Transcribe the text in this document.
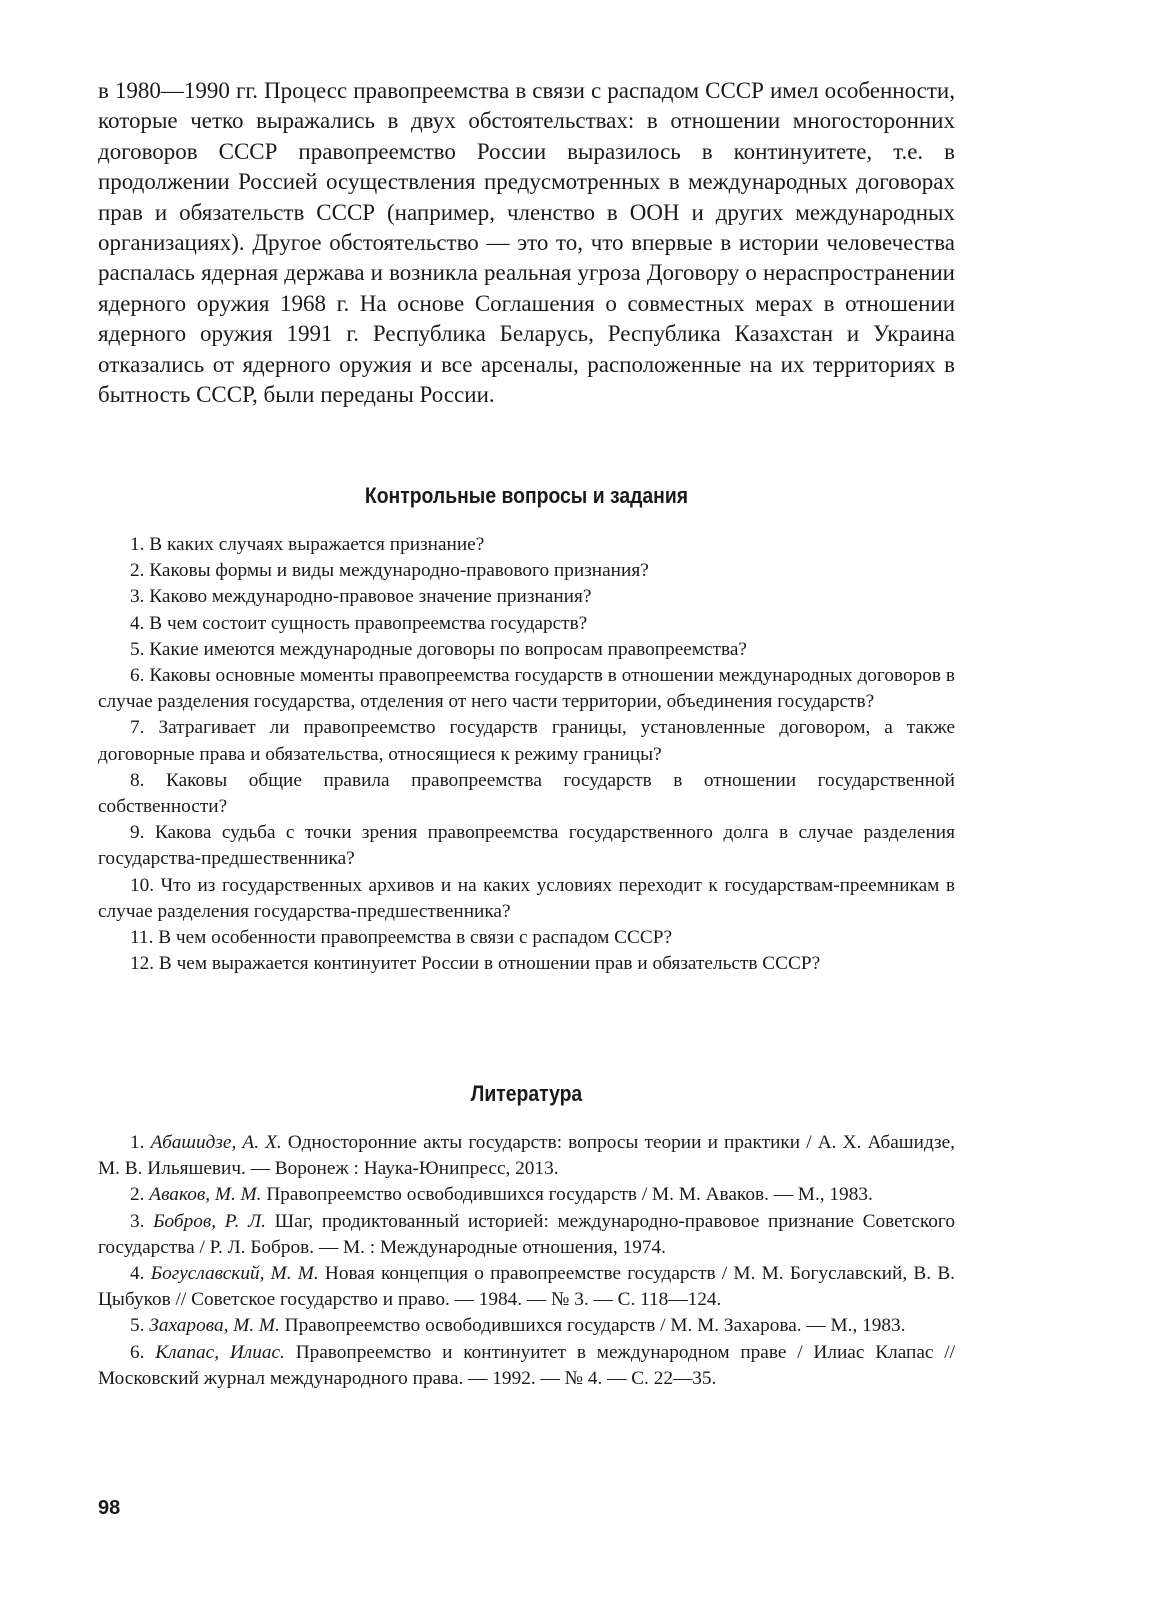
в 1980—1990 гг. Процесс правопреемства в связи с распадом СССР имел особенности, которые четко выражались в двух обстоятельствах: в отношении многосторонних договоров СССР правопреемство России выразилось в континуитете, т.е. в продолжении Россией осуществления предусмотренных в международных договорах прав и обязательств СССР (например, членство в ООН и других международных организациях). Другое обстоятельство — это то, что впервые в истории человечества распалась ядерная держава и возникла реальная угроза Договору о нераспространении ядерного оружия 1968 г. На основе Соглашения о совместных мерах в отношении ядерного оружия 1991 г. Республика Беларусь, Республика Казахстан и Украина отказались от ядерного оружия и все арсеналы, расположенные на их территориях в бытность СССР, были переданы России.

Контрольные вопросы и задания

1. В каких случаях выражается признание?

2. Каковы формы и виды международно-правового признания?

3. Каково международно-правовое значение признания?

4. В чем состоит сущность правопреемства государств?

5. Какие имеются международные договоры по вопросам правопреемства?

6. Каковы основные моменты правопреемства государств в отношении международных договоров в случае разделения государства, отделения от него части территории, объединения государств?

7. Затрагивает ли правопреемство государств границы, установленные договором, а также договорные права и обязательства, относящиеся к режиму границы?

8. Каковы общие правила правопреемства государств в отношении государственной собственности?

9. Какова судьба с точки зрения правопреемства государственного долга в случае разделения государства-предшественника?

10. Что из государственных архивов и на каких условиях переходит к государствам-преемникам в случае разделения государства-предшественника?

11. В чем особенности правопреемства в связи с распадом СССР?

12. В чем выражается континуитет России в отношении прав и обязательств СССР?

Литература

1. Абашидзе, А. Х. Односторонние акты государств: вопросы теории и практики / А. Х. Абашидзе, М. В. Ильяшевич. — Воронеж : Наука-Юнипресс, 2013.

2. Аваков, М. М. Правопреемство освободившихся государств / М. М. Аваков. — М., 1983.

3. Бобров, Р. Л. Шаг, продиктованный историей: международно-правовое признание Советского государства / Р. Л. Бобров. — М. : Международные отношения, 1974.

4. Богуславский, М. М. Новая концепция о правопреемстве государств / М. М. Богуславский, В. В. Цыбуков // Советское государство и право. — 1984. — № 3. — С. 118—124.

5. Захарова, М. М. Правопреемство освободившихся государств / М. М. Захарова. — М., 1983.

6. Клапас, Илиас. Правопреемство и континуитет в международном праве / Илиас Клапас // Московский журнал международного права. — 1992. — № 4. — С. 22—35.

98
